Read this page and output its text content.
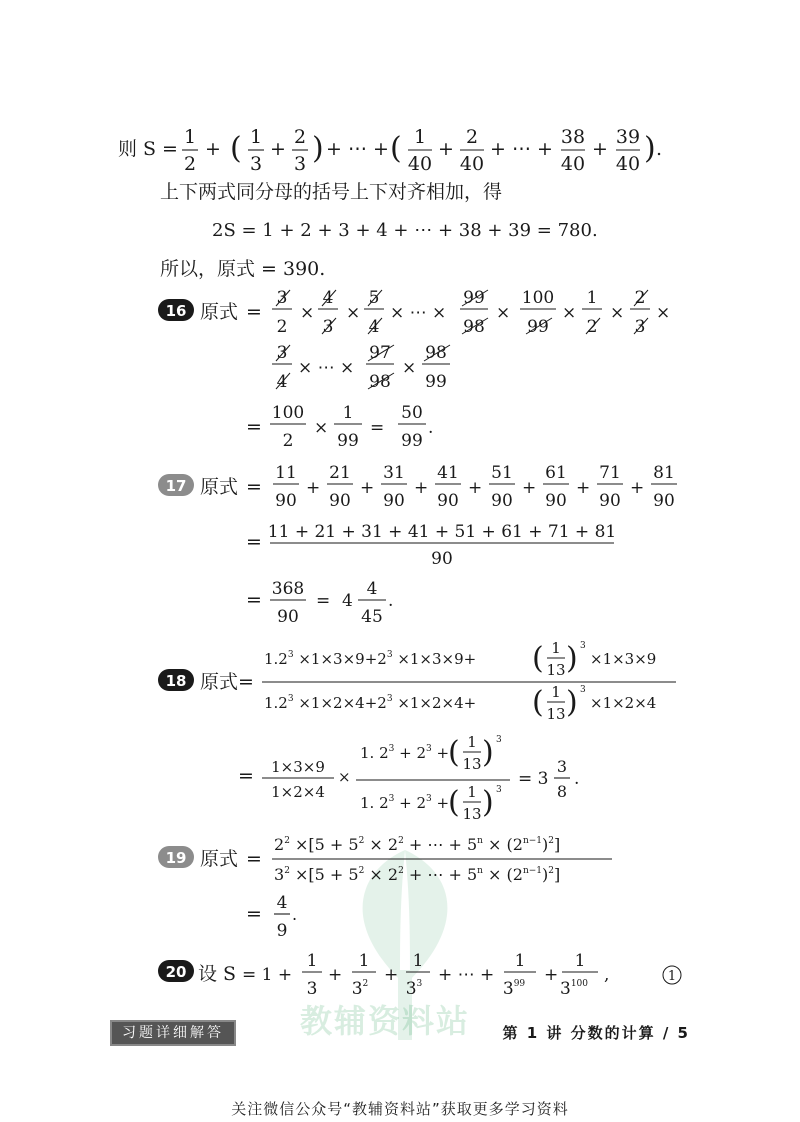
教辅资料站
则 S =
1
2
+ ( 1
3
+
2
3 ) + ⋯ + ( 1
40
+
2
40
+ ⋯ +
38
40
+
39
40 ) .
上下两式同分母的括号上下对齐相加，得
2S = 1 + 2 + 3 + 4 + ⋯ + 38 + 39 = 780.
所以，原式 = 390.
16 原式 =
3
2
×
4
3
×
5
4
× ⋯ ×
99
98
×
100
99
×
1
2
×
2
3
×
3
4
× ⋯ ×
97
98
×
98
99
=
100
2
×
1
99
=
50
99
.
17 原式 =
11
90
+
21
90
+
31
90
+
41
90
+
51
90
+
61
90
+
71
90
+
81
90
= 11 + 21 + 31 + 41 + 51 + 61 + 71 + 81
90
= 368
90
= 4
4
45
.
18 原式=
$1.2^3 \times 1\times 3\times 9+2^3 \times 1\times 3\times 9+$ ( 1
13 ) 3
×1×3×9
$1.2^3 \times 1\times 2\times 4+2^3 \times 1\times 2\times 4+$ ( 1
13 ) 3
×1×2×4
= 1×3×9
1×2×4
×
1. $2^3 + 2^3$ +
( 1
13 ) 3
1. $2^3 + 2^3$ +
( 1
13 ) 3
= 3
3
8
.
19 原式 =
$2^2 \times[5 + 5^2 \times 2^2$ + ⋯ + $5^n \times (2^{n-1})^2$]
$3^2 \times[5 + 5^2 \times 2^2$ + ⋯ + $5^n \times (2^{n-1})^2$]
= 4
9
.
20 设 S = 1 +
1
3
+
1
$3^2$ +
1
$3^3$ + ⋯ +
1
$3^{99}$ +
1
$3^{100}$ ,	1
习题详细解答	第 1 讲 分数的计算 / 5
关注微信公众号“教辅资料站”获取更多学习资料
